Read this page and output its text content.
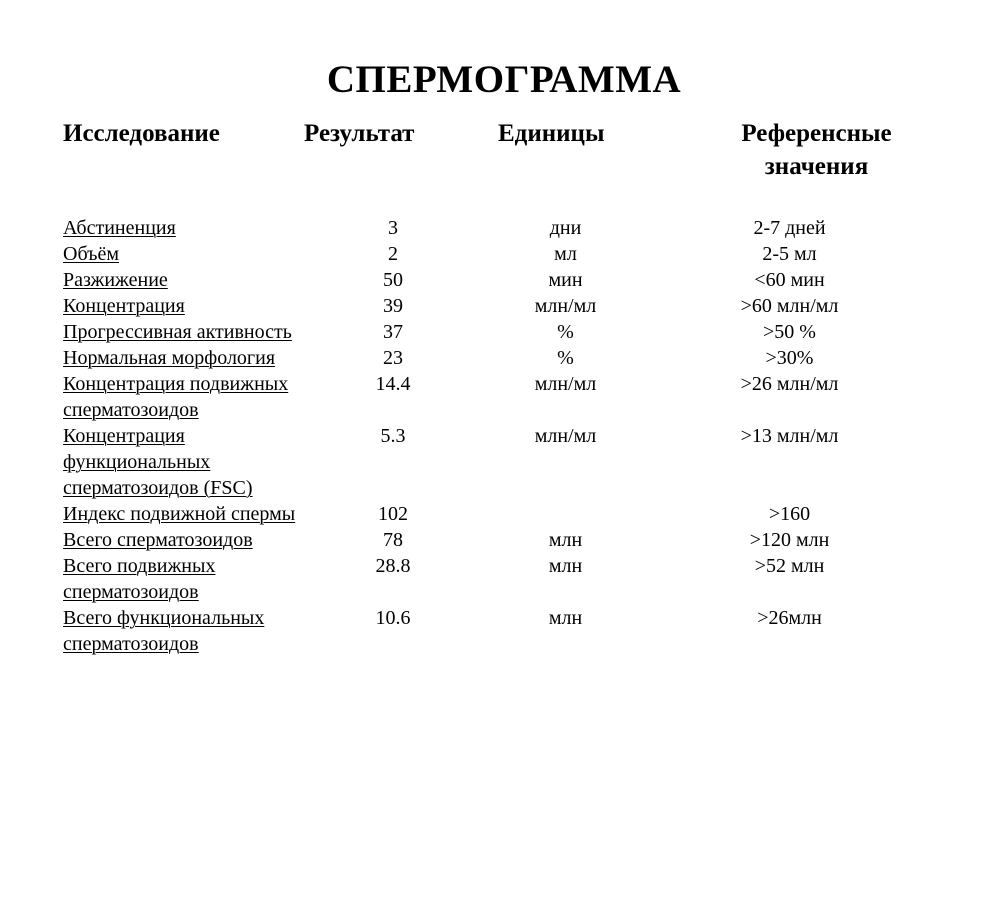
СПЕРМОГРАММА
Исследование	Результат	Единицы	Референсные
значения

Абстиненция	3	дни	2-7 дней
Объём	2	мл	2-5 мл
Разжижение	50	мин	<60 мин
Концентрация	39	млн/мл	>60 млн/мл
Прогрессивная активность	37	%	>50 %
Нормальная морфология	23	%	>30%
Концентрация подвижных
сперматозоидов	14.4	млн/мл	>26 млн/мл
Концентрация функциональных
сперматозоидов (FSC)	5.3	млн/мл	>13 млн/мл
Индекс подвижной спермы	102		>160
Всего сперматозоидов	78	млн	>120 млн
Всего подвижных
сперматозоидов	28.8	млн	>52 млн
Всего функциональных
сперматозоидов	10.6	млн	>26млн
